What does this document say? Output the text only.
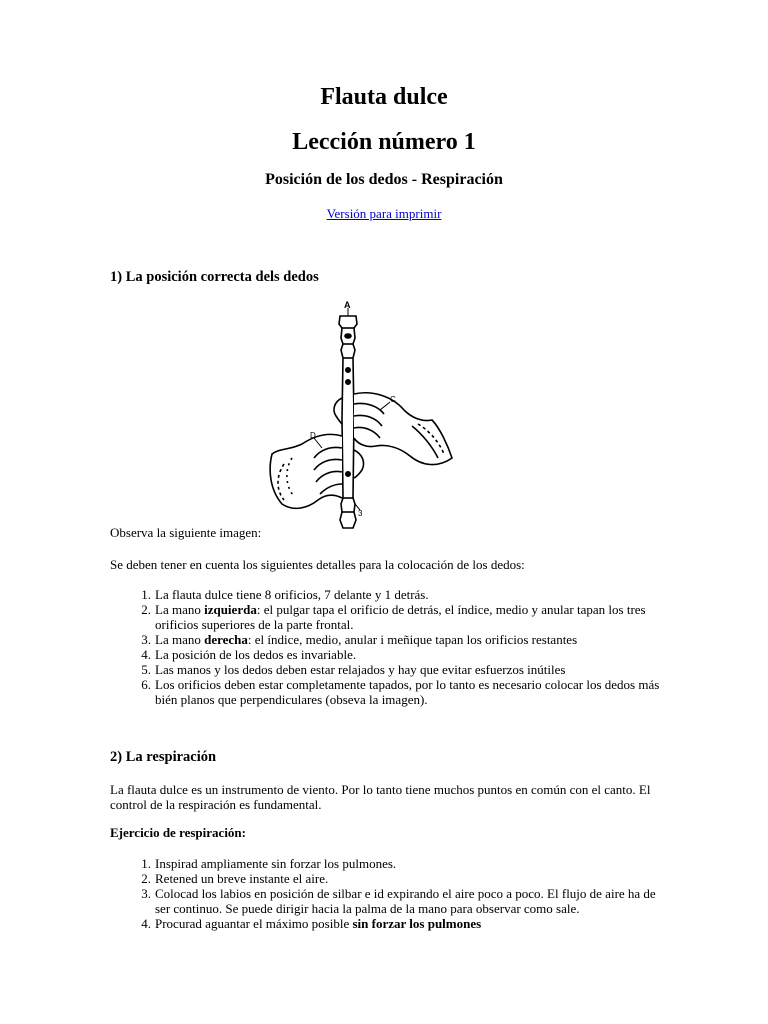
Flauta dulce
Lección número 1
Posición de los dedos - Respiración
Versión para imprimir
1) La posición correcta dels dedos
A
C
D
3
Observa la siguiente imagen:
Se deben tener en cuenta los siguientes detalles para la colocación de los dedos:
1. La flauta dulce tiene 8 orificios, 7 delante y 1 detrás.
2. La mano izquierda: el pulgar tapa el orificio de detrás, el índice, medio y anular tapan los tres orificios superiores de la parte frontal.
3. La mano derecha: el índice, medio, anular i meñique tapan los orificios restantes
4. La posición de los dedos es invariable.
5. Las manos y los dedos deben estar relajados y hay que evitar esfuerzos inútiles
6. Los orificios deben estar completamente tapados, por lo tanto es necesario colocar los dedos más bién planos que perpendiculares (obseva la imagen).
2) La respiración
La flauta dulce es un instrumento de viento. Por lo tanto tiene muchos puntos en común con el canto. El control de la respiración es fundamental.
Ejercicio de respiración:
1. Inspirad ampliamente sin forzar los pulmones.
2. Retened un breve instante el aire.
3. Colocad los labios en posición de silbar e id expirando el aire poco a poco. El flujo de aire ha de ser continuo. Se puede dirigir hacia la palma de la mano para observar como sale.
4. Procurad aguantar el máximo posible sin forzar los pulmones
